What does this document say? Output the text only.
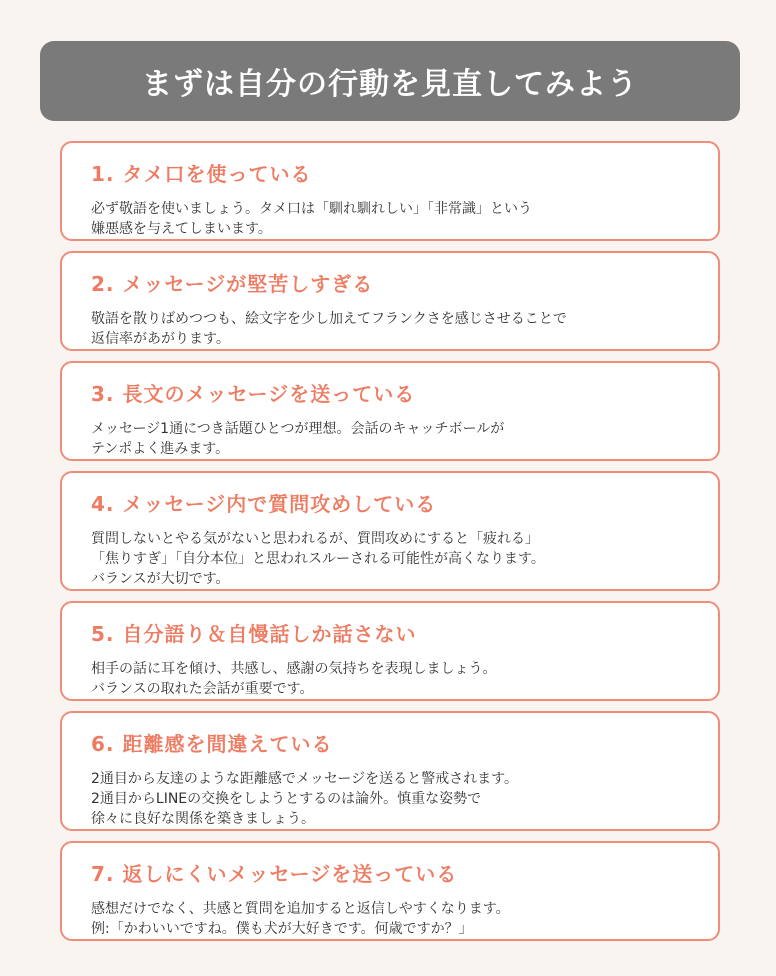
まずは自分の行動を見直してみよう
1. タメ口を使っている
必ず敬語を使いましょう。タメ口は「馴れ馴れしい」「非常識」という
嫌悪感を与えてしまいます。
2. メッセージが堅苦しすぎる
敬語を散りばめつつも、絵文字を少し加えてフランクさを感じさせることで
返信率があがります。
3. 長文のメッセージを送っている
メッセージ1通につき話題ひとつが理想。会話のキャッチボールが
テンポよく進みます。
4. メッセージ内で質問攻めしている
質問しないとやる気がないと思われるが、質問攻めにすると「疲れる」
「焦りすぎ」「自分本位」と思われスルーされる可能性が高くなります。
バランスが大切です。
5. 自分語り＆自慢話しか話さない
相手の話に耳を傾け、共感し、感謝の気持ちを表現しましょう。
バランスの取れた会話が重要です。
6. 距離感を間違えている
2通目から友達のような距離感でメッセージを送ると警戒されます。
2通目からLINEの交換をしようとするのは論外。慎重な姿勢で
徐々に良好な関係を築きましょう。
7. 返しにくいメッセージを送っている
感想だけでなく、共感と質問を追加すると返信しやすくなります。
例:「かわいいですね。僕も犬が大好きです。何歳ですか？」
